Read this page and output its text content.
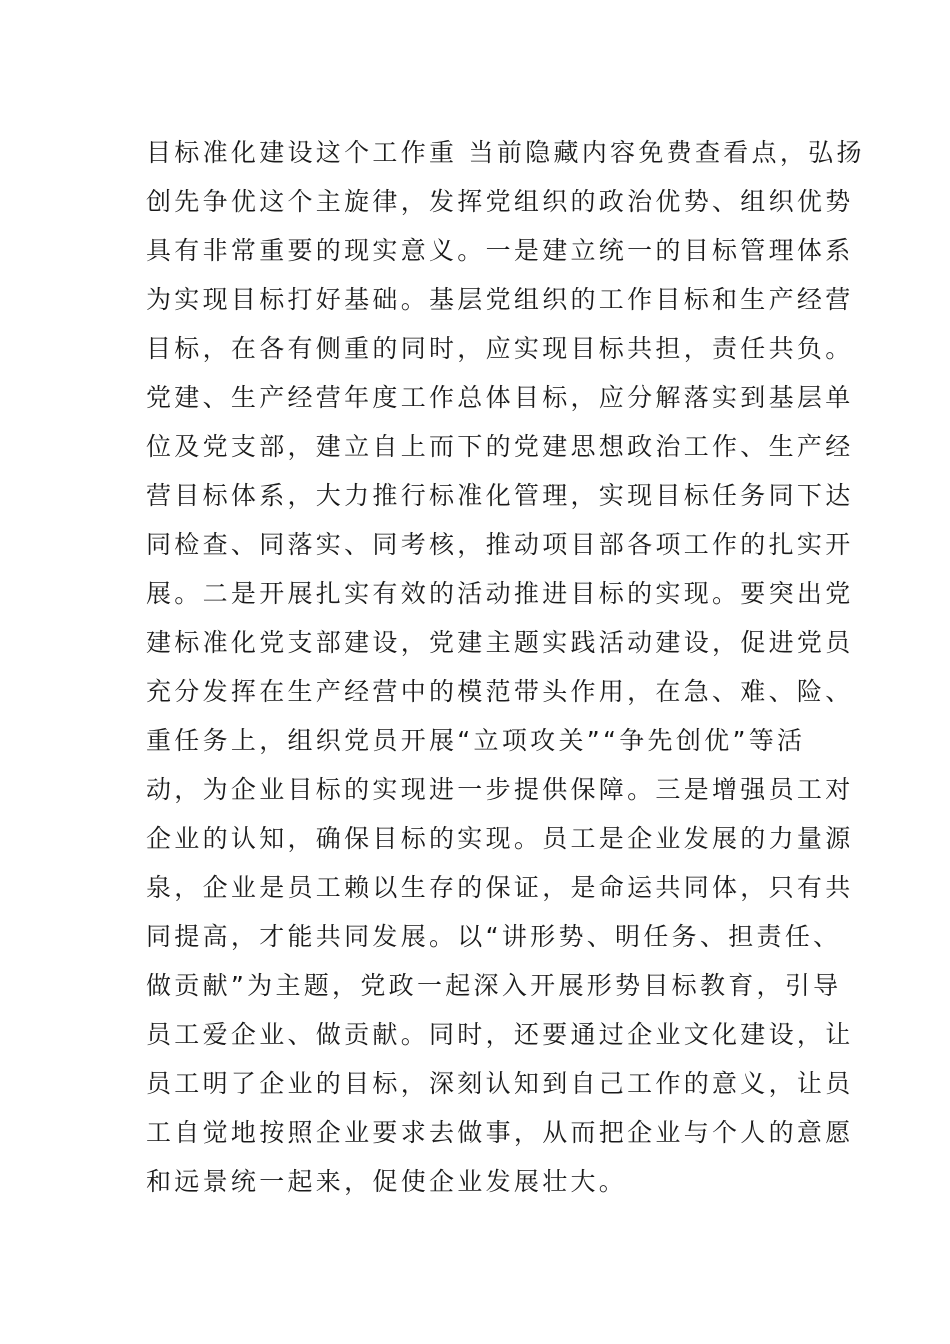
目标准化建设这个工作重 当前隐藏内容免费查看点，弘扬
创先争优这个主旋律，发挥党组织的政治优势、组织优势
具有非常重要的现实意义。一是建立统一的目标管理体系
为实现目标打好基础。基层党组织的工作目标和生产经营
目标，在各有侧重的同时，应实现目标共担，责任共负。
党建、生产经营年度工作总体目标，应分解落实到基层单
位及党支部，建立自上而下的党建思想政治工作、生产经
营目标体系，大力推行标准化管理，实现目标任务同下达
同检查、同落实、同考核，推动项目部各项工作的扎实开
展。二是开展扎实有效的活动推进目标的实现。要突出党
建标准化党支部建设，党建主题实践活动建设，促进党员
充分发挥在生产经营中的模范带头作用，在急、难、险、
重任务上，组织党员开展“立项攻关”“争先创优”等活
动，为企业目标的实现进一步提供保障。三是增强员工对
企业的认知，确保目标的实现。员工是企业发展的力量源
泉，企业是员工赖以生存的保证，是命运共同体，只有共
同提高，才能共同发展。以“讲形势、明任务、担责任、
做贡献”为主题，党政一起深入开展形势目标教育，引导
员工爱企业、做贡献。同时，还要通过企业文化建设，让
员工明了企业的目标，深刻认知到自己工作的意义，让员
工自觉地按照企业要求去做事，从而把企业与个人的意愿
和远景统一起来，促使企业发展壮大。
